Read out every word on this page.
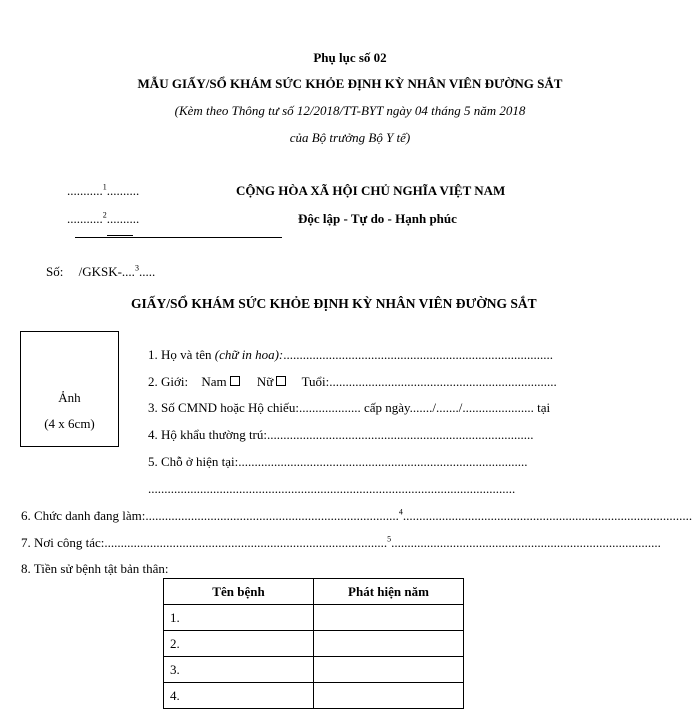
Phụ lục số 02
MẪU GIẤY/SỔ KHÁM SỨC KHỎE ĐỊNH KỲ NHÂN VIÊN ĐƯỜNG SẮT
(Kèm theo Thông tư số 12/2018/TT-BYT ngày 04 tháng 5 năm 2018
của Bộ trưởng Bộ Y tế)
...........$^1$..........
...........$^2$..........
CỘNG HÒA XÃ HỘI CHỦ NGHĨA VIỆT NAM
Độc lập - Tự do - Hạnh phúc
Số: /GKSK-....$^3$.....
GIẤY/SỔ KHÁM SỨC KHỎE ĐỊNH KỲ NHÂN VIÊN ĐƯỜNG SẮT
Ảnh
(4 x 6cm)
1. Họ và tên (chữ in hoa):...................................................................................
2. Giới: Nam Nữ Tuổi:......................................................................
3. Số CMND hoặc Hộ chiếu:................... cấp ngày......./......./...................... tại
4. Hộ khẩu thường trú:..................................................................................
5. Chỗ ở hiện tại:.........................................................................................
.................................................................................................................
6. Chức danh đang làm:..............................................................................$^4$.........................................................................................
7. Nơi công tác:.......................................................................................$^5$...................................................................................
8. Tiền sử bệnh tật bản thân:
Tên bệnh	Phát hiện năm
1.	
2.	
3.	
4.	
